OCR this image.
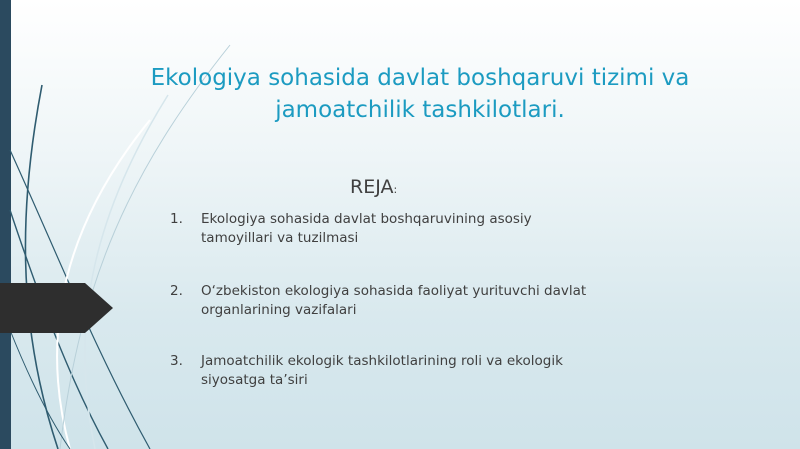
Ekologiya sohasida davlat boshqaruvi tizimi va jamoatchilik tashkilotlari.
REJA:
1. Ekologiya sohasida davlat boshqaruvining asosiy tamoyillari va tuzilmasi
2. O‘zbekiston ekologiya sohasida faoliyat yurituvchi davlat organlarining vazifalari
3. Jamoatchilik ekologik tashkilotlarining roli va ekologik siyosatga ta’siri
